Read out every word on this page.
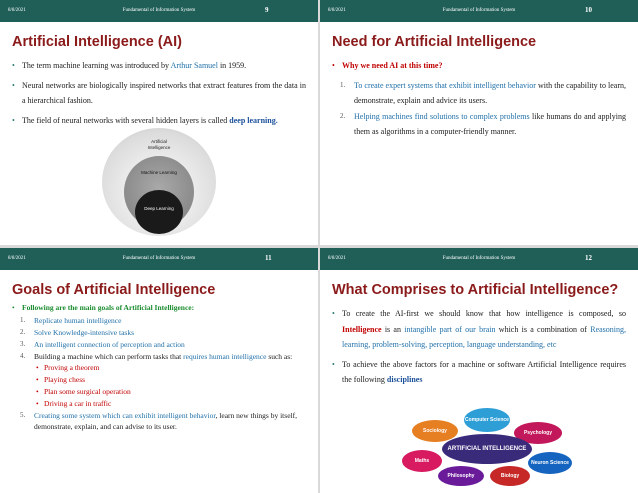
8/8/2021	Fundamental of Information System	9
Artificial Intelligence (AI)

• The term machine learning was introduced by Arthur Samuel in 1959.

• Neural networks are biologically inspired networks that extract features from the data in a hierarchical fashion.

• The field of neural networks with several hidden layers is called deep learning.

Artificial Intelligence
Machine Learning
Deep Learning
8/8/2021	Fundamental of Information System	10
Need for Artificial Intelligence

• Why we need AI at this time?

1. To create expert systems that exhibit intelligent behavior with the capability to learn, demonstrate, explain and advice its users.
2. Helping machines find solutions to complex problems like humans do and applying them as algorithms in a computer-friendly manner.
8/8/2021	Fundamental of Information System	11
Goals of Artificial Intelligence

• Following are the main goals of Artificial Intelligence:

1. Replicate human intelligence
2. Solve Knowledge-intensive tasks
3. An intelligent connection of perception and action
4. Building a machine which can perform tasks that requires human intelligence such as:
• Proving a theorem
• Playing chess
• Plan some surgical operation
• Driving a car in traffic
5. Creating some system which can exhibit intelligent behavior, learn new things by itself, demonstrate, explain, and can advise to its user.
8/8/2021	Fundamental of Information System	12
What Comprises to Artificial Intelligence?

• To create the AI-first we should know that how intelligence is composed, so Intelligence is an intangible part of our brain which is a combination of Reasoning, learning, problem-solving, perception, language understanding, etc

• To achieve the above factors for a machine or software Artificial Intelligence requires the following disciplines

Computer Science
Psychology
Sociology
Maths	Neuron Science
Philosophy	Biology
ARTIFICIAL INTELLIGENCE
